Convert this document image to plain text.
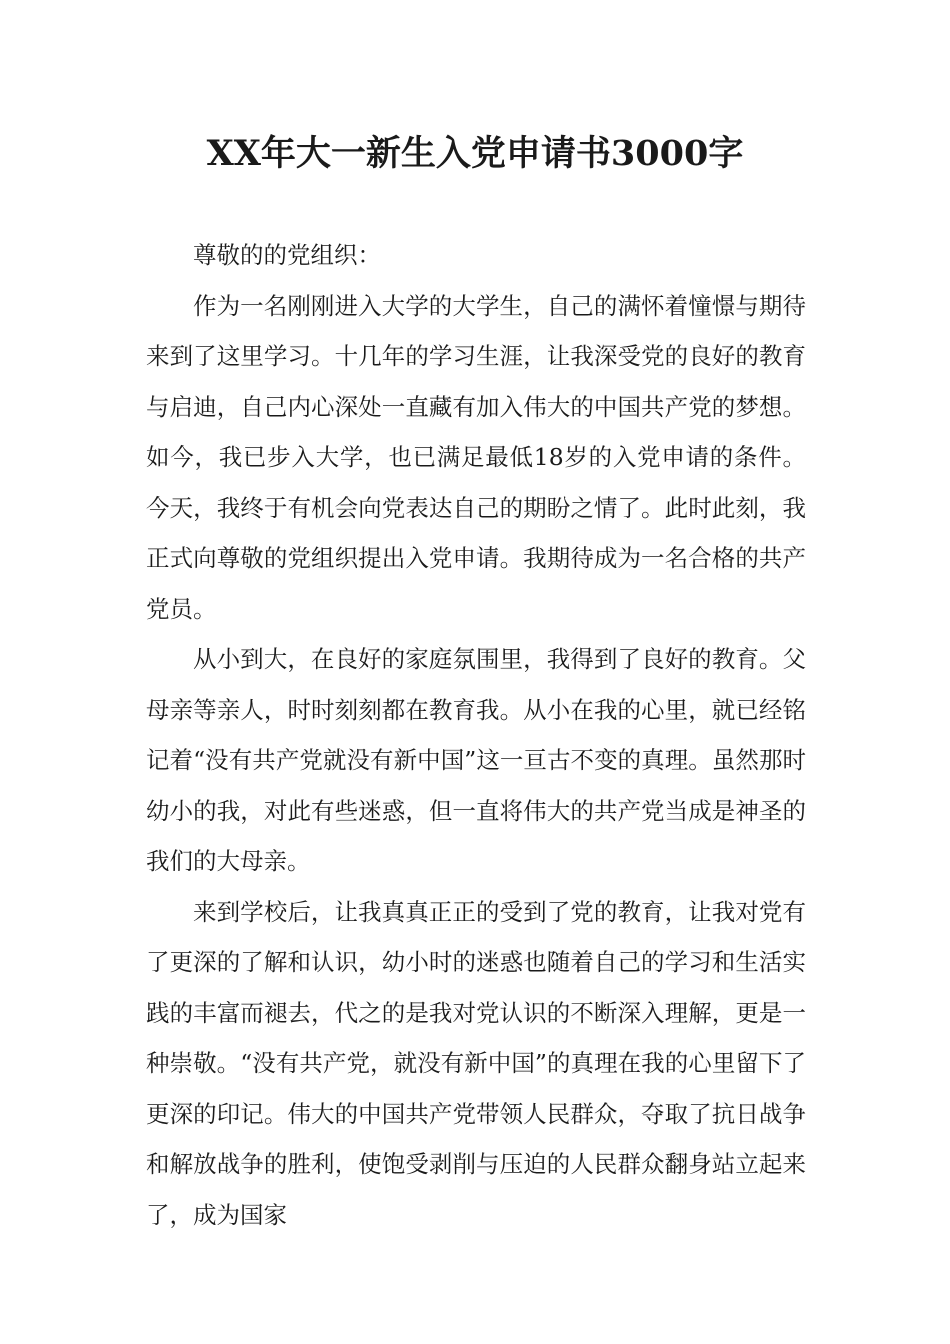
XX年大一新生入党申请书3000字

尊敬的的党组织：

作为一名刚刚进入大学的大学生，自己的满怀着憧憬与期待来到了这里学习。十几年的学习生涯，让我深受党的良好的教育与启迪，自己内心深处一直藏有加入伟大的中国共产党的梦想。如今，我已步入大学，也已满足最低18岁的入党申请的条件。今天，我终于有机会向党表达自己的期盼之情了。此时此刻，我正式向尊敬的党组织提出入党申请。我期待成为一名合格的共产党员。

从小到大，在良好的家庭氛围里，我得到了良好的教育。父母亲等亲人，时时刻刻都在教育我。从小在我的心里，就已经铭记着“没有共产党就没有新中国”这一亘古不变的真理。虽然那时幼小的我，对此有些迷惑，但一直将伟大的共产党当成是神圣的我们的大母亲。

来到学校后，让我真真正正的受到了党的教育，让我对党有了更深的了解和认识，幼小时的迷惑也随着自己的学习和生活实践的丰富而褪去，代之的是我对党认识的不断深入理解，更是一种崇敬。“没有共产党，就没有新中国”的真理在我的心里留下了更深的印记。伟大的中国共产党带领人民群众，夺取了抗日战争和解放战争的胜利，使饱受剥削与压迫的人民群众翻身站立起来了，成为国家
